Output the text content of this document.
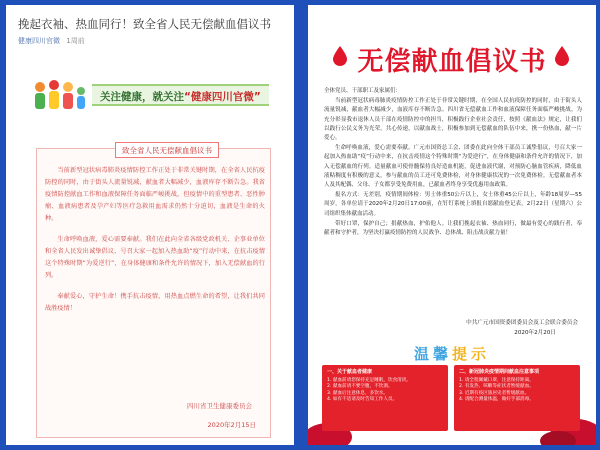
挽起衣袖、热血同行！致全省人民无偿献血倡议书
健康四川官微 1周前
关注健康，就关注“健康四川官微”
致全省人民无偿献血倡议书

当前新型冠状病毒肺炎疫情防控工作正处于非常关键时期，在全省人民抗疫防控的同时，由于街头人流量锐减，献血者大幅减少，血液库存不断告急。我省疫情防控献血工作和血液保障任务面临严峻挑战，但疫情中的重型患者、恶性肿瘤、血液病患者及孕产妇等医疗急救用血需求仍然十分迫切，血液是生命的火种。

生命呼唤血液，爱心需要奉献。我们在此向全省各级党政机关、企事业单位和全省人民发出诚挚倡议，号召大家一起加入热血助“疫”行动中来，在抗击疫情这个特殊时期“为爱逆行”，在身体健康和条件允许的情况下，加入无偿献血的行列。

奉献爱心，守护生命！携手抗击疫情，用热血点燃生命的希望，让我们共同战胜疫情！

四川省卫生健康委员会
2020年2月15日
无偿献血倡议书

全体党员、干部职工及家属们：

当前新型冠状病毒肺炎疫情防控工作正处于非常关键时期，在全国人民抗疫防控的同时，由于街头人流量锐减，献血者大幅减少，血液库存不断告急。四川省无偿献血工作和血液保障任务面临严峻挑战。为充分彰显我市退休人员干部在疫情防控中的担当，积极践行企业社会责任，按照《献血法》规定，让我们以践行公民义务为光荣，共心传递，以献血战士，积极参加到无偿献血的队伍中来，携一份热血，献一片爱心。

生命呼唤血液，爱心需要奉献。广元市国资总工会、团委在此向全体干部员工诚挚倡议，号召大家一起加入热血助“疫”行动中来，在抗击疫情这个特殊时期“为爱逆行”，在身体健康和条件允许的情况下，加入无偿献血的行列。适量献血可使骨髓保持良好造血机能，促进血液代谢，对预防心脑血管疾病，降低血液粘稠度有积极的意义。参与献血的员工还可免费体检，对身体健康状况的一次免费体检。无偿献血者本人及其配偶、父母、子女都享受免费用血，已献血者终身享受优惠用血政策。

报名方式：无差别，疫情期间体检：男士体重50公斤以上，女士体重45公斤以上，年龄18周岁—55周岁，各单位请于2020年2月20日17:00前，在钉钉系统上填报自愿献血登记表，2月22日（星期六）公司组织集体献血活动。

带好口罩，保护自己；捐献热血，护佑他人。让我们挽起衣袖、热血同行，做最有爱心的践行者，奉献者和守护者，为坚决打赢疫情防控的人民战争、总体战、阻击战贡献力量！

中共广元市国资委团委员会及工会联合委员会
2020年2月20日
温馨提示
一、关于献血者健康
1. 献血前请您保持充足睡眠，饮食清淡。
2. 献血前请不要空腹，不饮酒。
3. 献血后注意休息，多饮水。
4. 如有不适请及时告知工作人员。
二、新冠肺炎疫情期间献血注意事项
1. 请全程佩戴口罩，注意保持距离。
2. 有发热、咳嗽等症状者暂缓献血。
3. 近期有疫区旅居史者暂缓献血。
4. 请配合测量体温，做好手部消毒。
